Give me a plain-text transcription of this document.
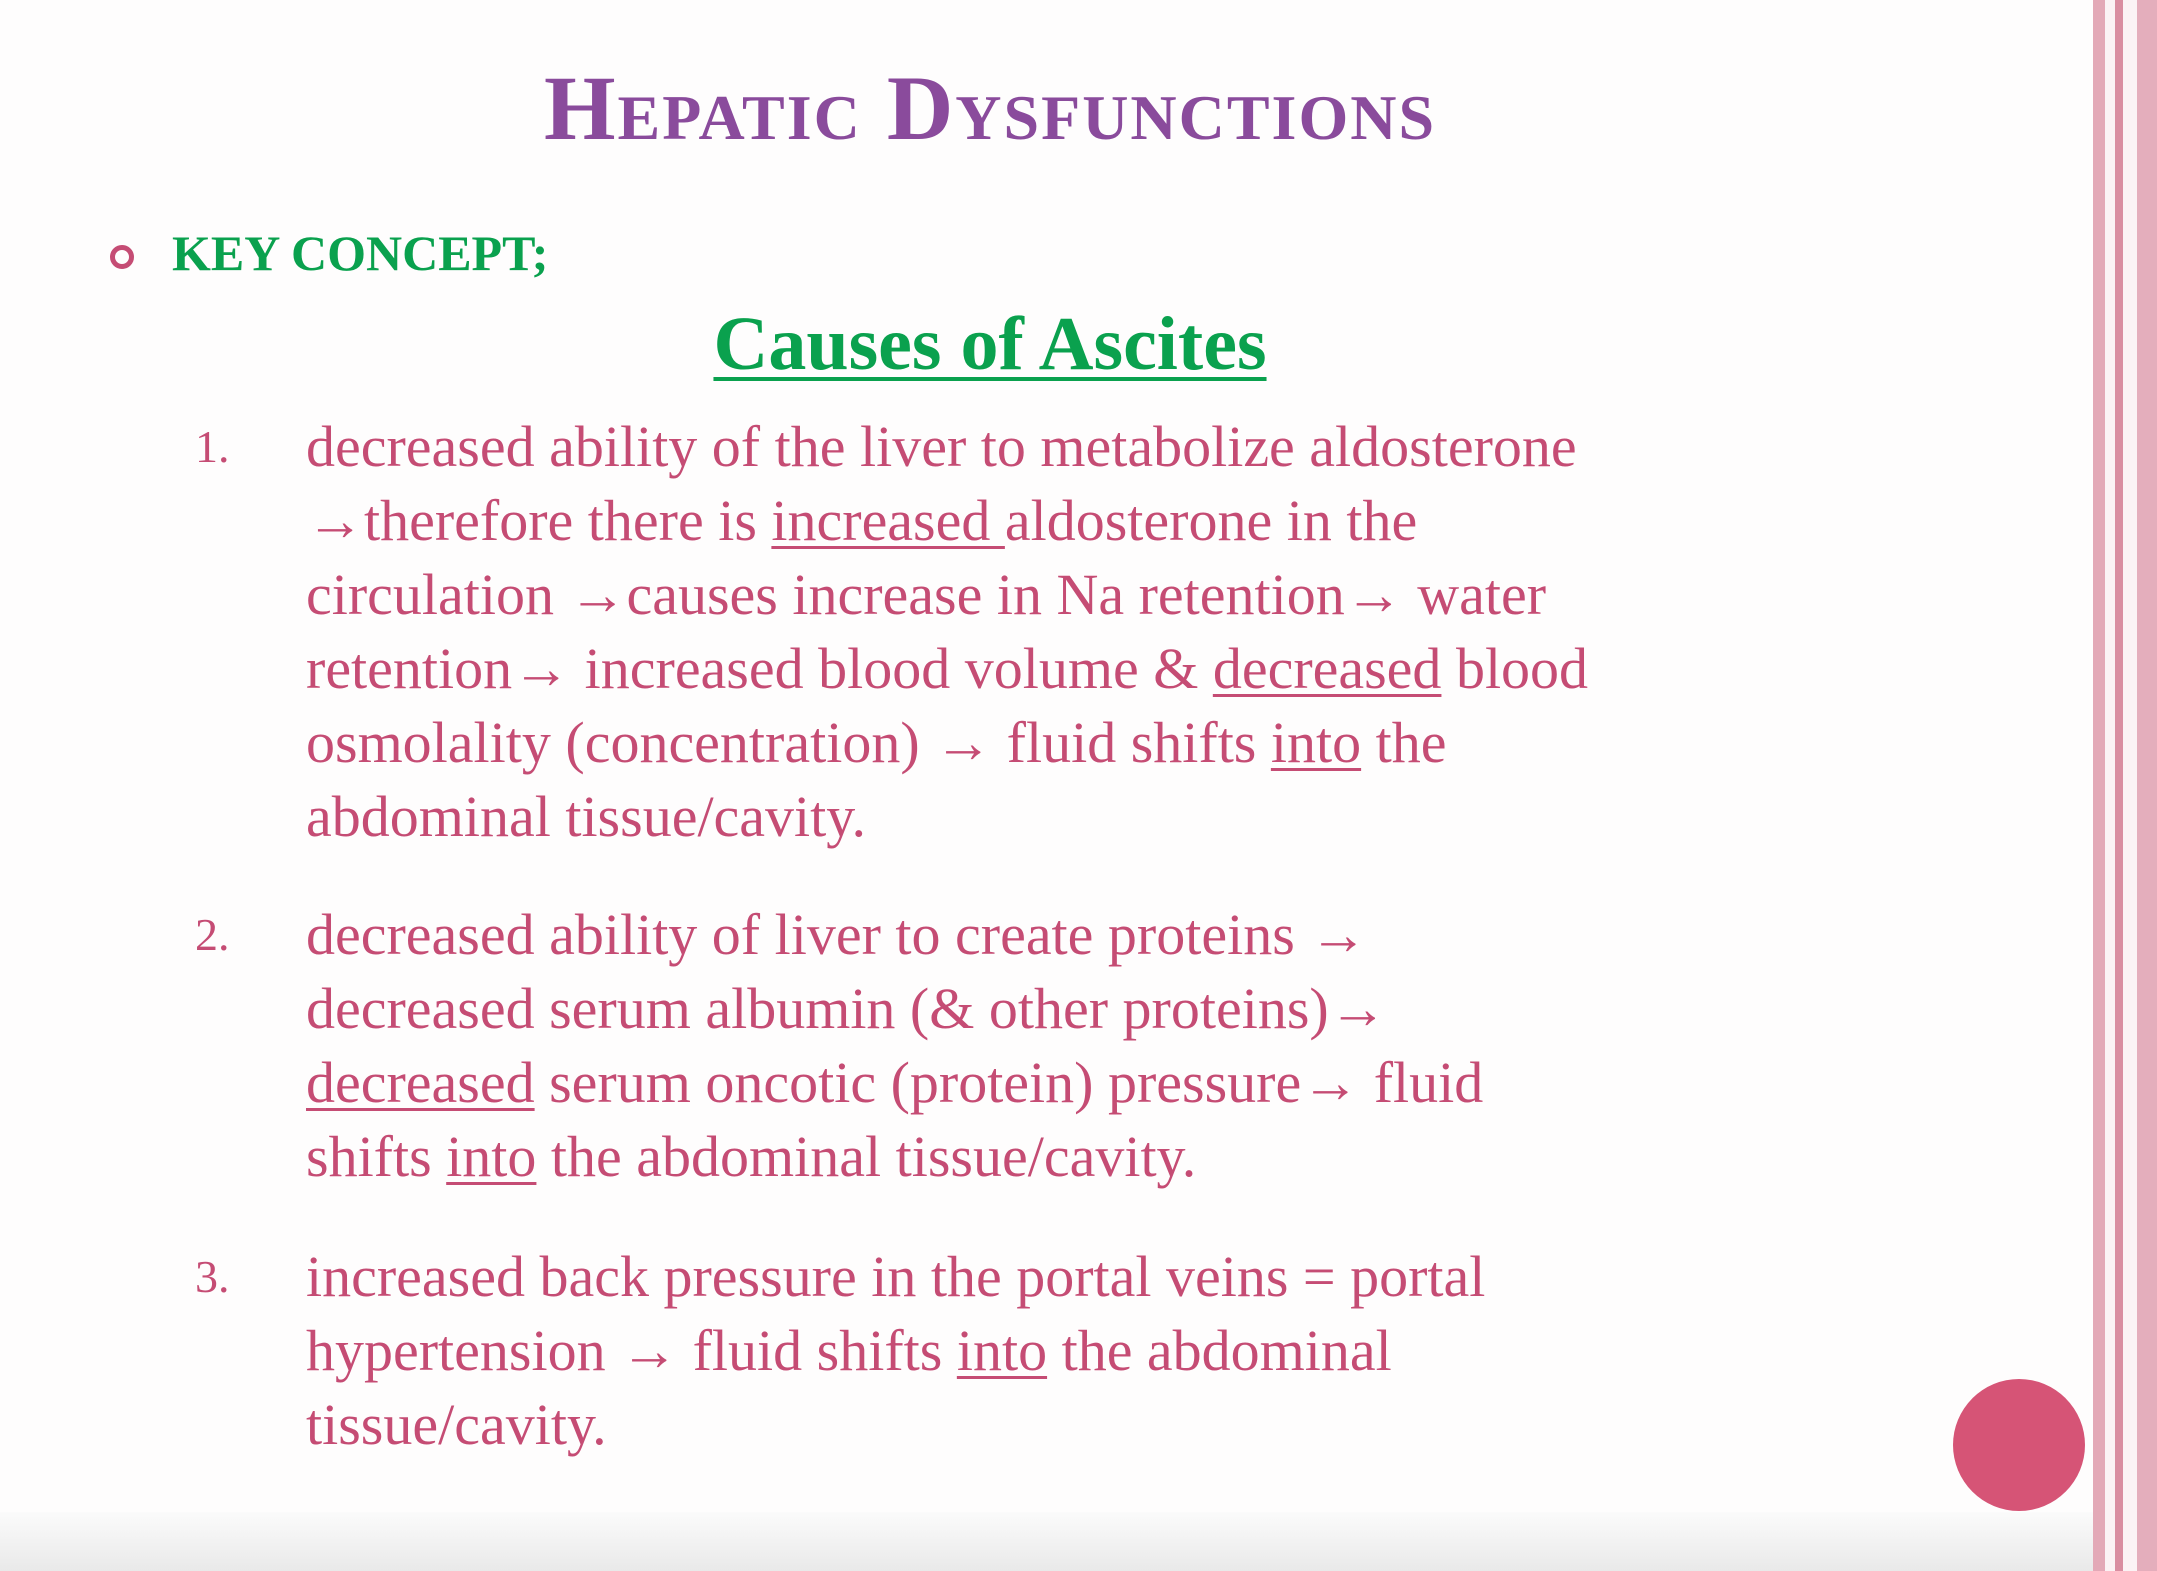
Hepatic Dysfunctions
KEY CONCEPT;
Causes of Ascites
1.	decreased ability of the liver to metabolize aldosterone
→therefore there is increased aldosterone in the
circulation →causes increase in Na retention→ water
retention→ increased blood volume & decreased blood
osmolality (concentration) → fluid shifts into the
abdominal tissue/cavity.
2.	decreased ability of liver to create proteins →
decreased serum albumin (& other proteins)→
decreased serum oncotic (protein) pressure→ fluid
shifts into the abdominal tissue/cavity.
3.	increased back pressure in the portal veins = portal
hypertension → fluid shifts into the abdominal
tissue/cavity.
